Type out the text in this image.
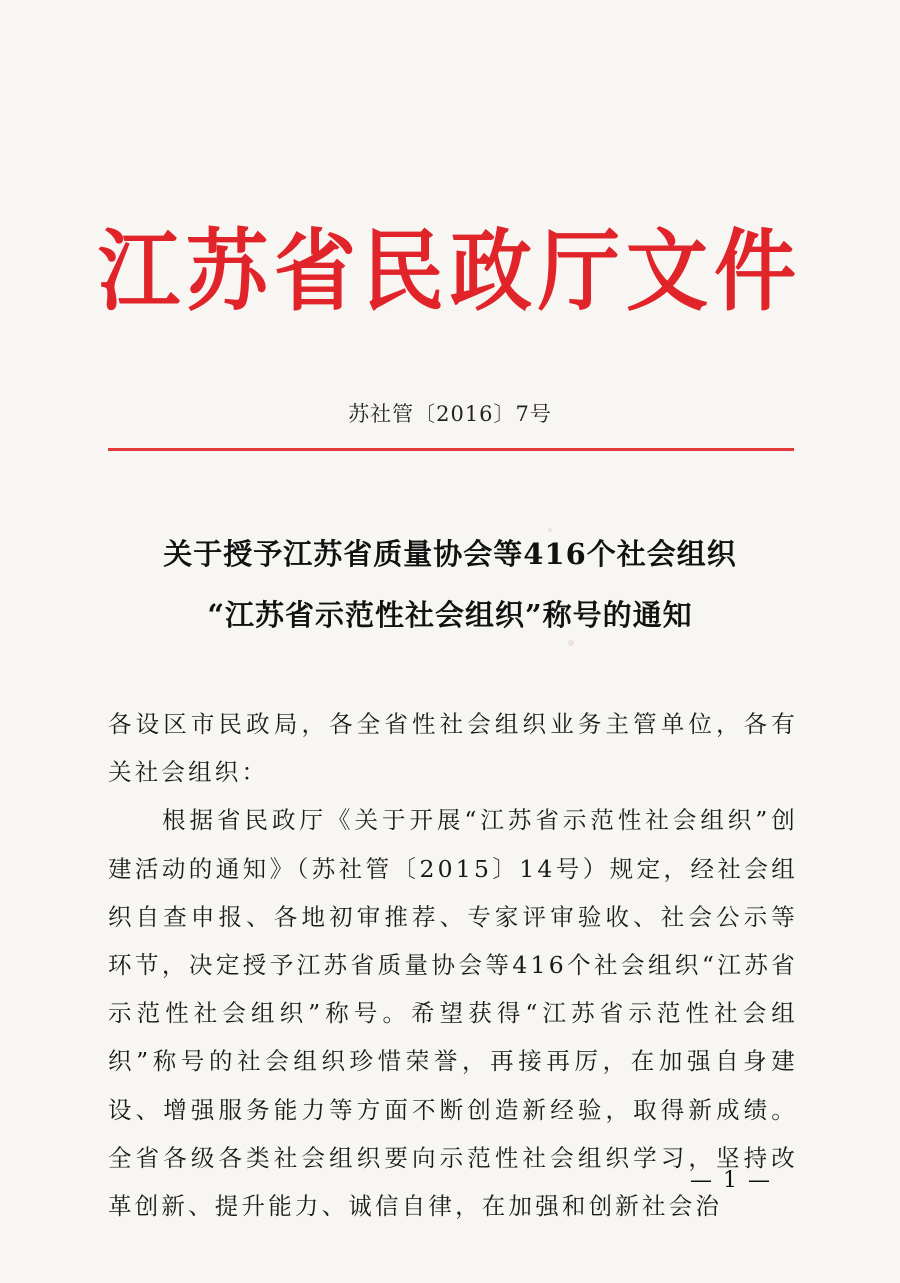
江苏省民政厅文件
苏社管〔2016〕7号
关于授予江苏省质量协会等416个社会组织
“江苏省示范性社会组织”称号的通知

各设区市民政局，各全省性社会组织业务主管单位，各有关社会组织：

根据省民政厅《关于开展“江苏省示范性社会组织”创建活动的通知》（苏社管〔2015〕14号）规定，经社会组织自查申报、各地初审推荐、专家评审验收、社会公示等环节，决定授予江苏省质量协会等416个社会组织“江苏省示范性社会组织”称号。希望获得“江苏省示范性社会组织”称号的社会组织珍惜荣誉，再接再厉，在加强自身建设、增强服务能力等方面不断创造新经验，取得新成绩。全省各级各类社会组织要向示范性社会组织学习，坚持改革创新、提升能力、诚信自律，在加强和创新社会治

— 1 —
